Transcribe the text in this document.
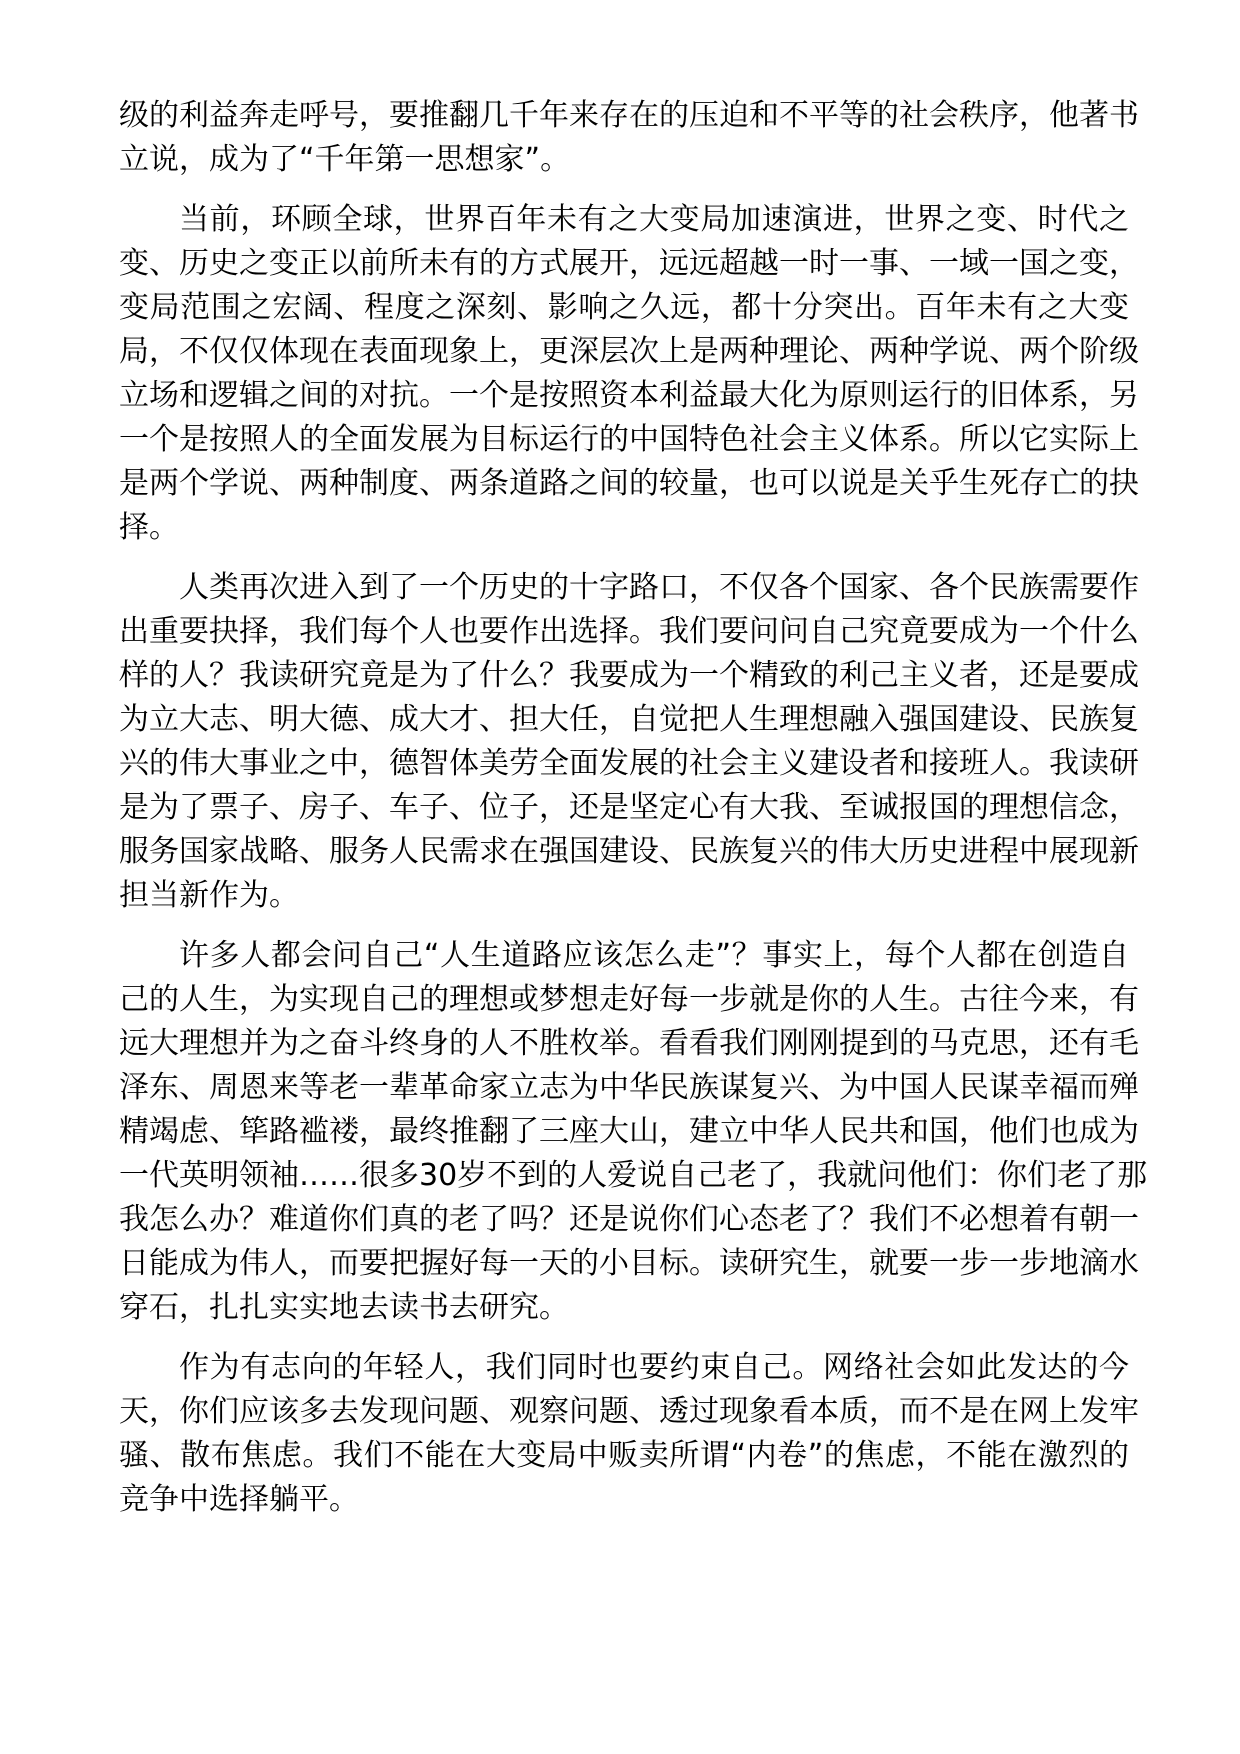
级的利益奔走呼号，要推翻几千年来存在的压迫和不平等的社会秩序，他著书
立说，成为了“千年第一思想家”。
当前，环顾全球，世界百年未有之大变局加速演进，世界之变、时代之
变、历史之变正以前所未有的方式展开，远远超越一时一事、一域一国之变，
变局范围之宏阔、程度之深刻、影响之久远，都十分突出。百年未有之大变
局，不仅仅体现在表面现象上，更深层次上是两种理论、两种学说、两个阶级
立场和逻辑之间的对抗。一个是按照资本利益最大化为原则运行的旧体系，另
一个是按照人的全面发展为目标运行的中国特色社会主义体系。所以它实际上
是两个学说、两种制度、两条道路之间的较量，也可以说是关乎生死存亡的抉
择。
人类再次进入到了一个历史的十字路口，不仅各个国家、各个民族需要作
出重要抉择，我们每个人也要作出选择。我们要问问自己究竟要成为一个什么
样的人？我读研究竟是为了什么？我要成为一个精致的利己主义者，还是要成
为立大志、明大德、成大才、担大任，自觉把人生理想融入强国建设、民族复
兴的伟大事业之中，德智体美劳全面发展的社会主义建设者和接班人。我读研
是为了票子、房子、车子、位子，还是坚定心有大我、至诚报国的理想信念，
服务国家战略、服务人民需求在强国建设、民族复兴的伟大历史进程中展现新
担当新作为。
许多人都会问自己“人生道路应该怎么走”？事实上，每个人都在创造自
己的人生，为实现自己的理想或梦想走好每一步就是你的人生。古往今来，有
远大理想并为之奋斗终身的人不胜枚举。看看我们刚刚提到的马克思，还有毛
泽东、周恩来等老一辈革命家立志为中华民族谋复兴、为中国人民谋幸福而殚
精竭虑、筚路褴褛，最终推翻了三座大山，建立中华人民共和国，他们也成为
一代英明领袖……很多30岁不到的人爱说自己老了，我就问他们：你们老了那
我怎么办？难道你们真的老了吗？还是说你们心态老了？我们不必想着有朝一
日能成为伟人，而要把握好每一天的小目标。读研究生，就要一步一步地滴水
穿石，扎扎实实地去读书去研究。
作为有志向的年轻人，我们同时也要约束自己。网络社会如此发达的今
天，你们应该多去发现问题、观察问题、透过现象看本质，而不是在网上发牢
骚、散布焦虑。我们不能在大变局中贩卖所谓“内卷”的焦虑，不能在激烈的
竞争中选择躺平。
